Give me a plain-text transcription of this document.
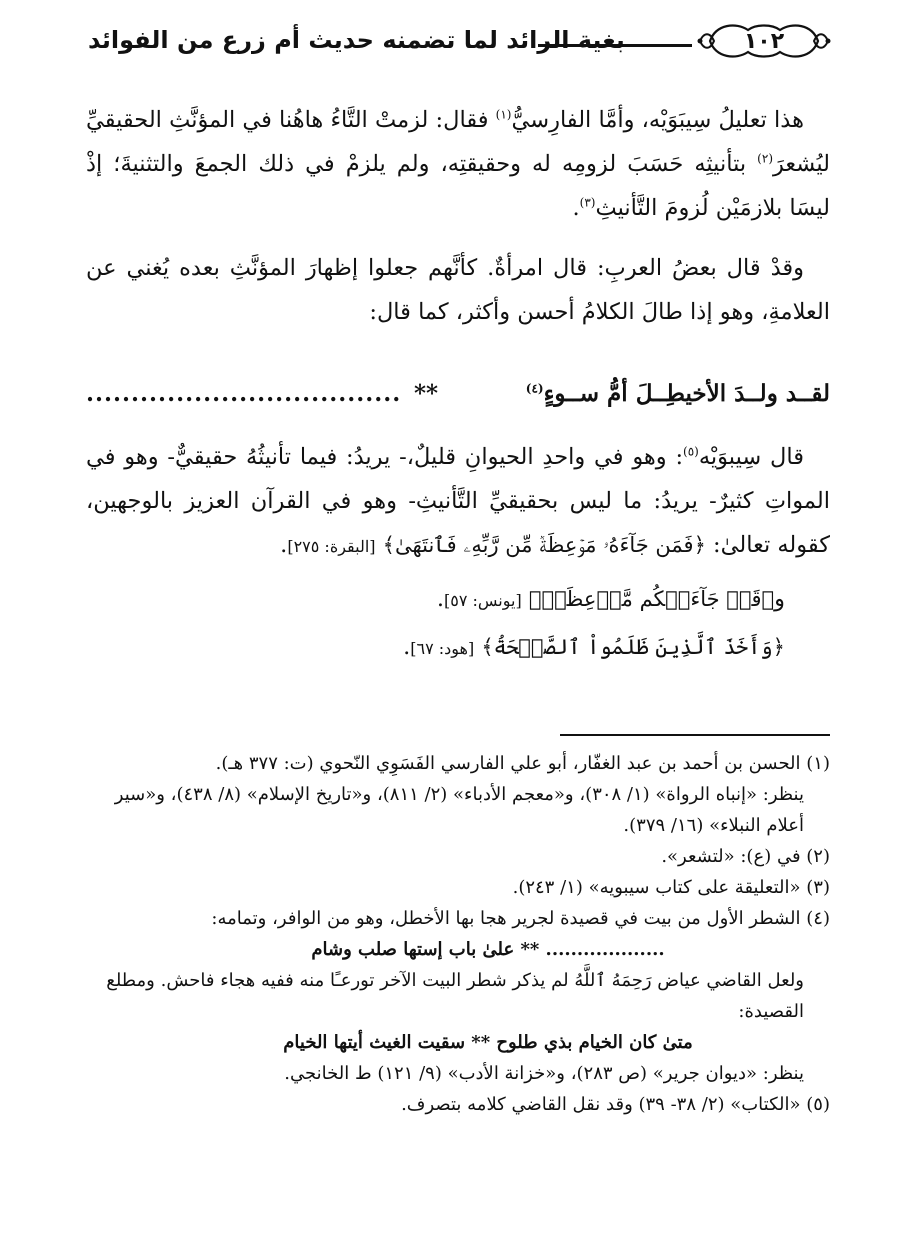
١٠٢
بغية الرائد لما تضمنه حديث أم زرع من الفوائد

هذا تعليلُ سِيبَوَيْه، وأمَّا الفارِسيُّ$^{(١)}$ فقال: لزمتْ التَّاءُ هاهُنا في المؤنَّثِ الحقيقيِّ ليُشعرَ$^{(٢)}$ بتأنيثِه حَسَبَ لزومِه له وحقيقتِه، ولم يلزمْ في ذلك الجمعَ والتثنيةَ؛ إذْ ليسَا بلازمَيْن لُزومَ التَّأنيثِ$^{(٣)}$.

وقدْ قال بعضُ العربِ: قال امرأةٌ. كأنَّهم جعلوا إظهارَ المؤنَّثِ بعده يُغني عن العلامةِ، وهو إذا طالَ الكلامُ أحسن وأكثر، كما قال:

لقــد ولــدَ الأخيطِــلَ أمُّ ســوءٍ$^{(٤)}$
**
...................................

قال سِيبوَيْه$^{(٥)}$: وهو في واحدِ الحيوانِ قليلٌ،- يريدُ: فيما تأنيثُهُ حقيقيٌّ- وهو في المواتِ كثيرٌ- يريدُ: ما ليس بحقيقيِّ التَّأنيثِ- وهو في القرآن العزيز بالوجهين، كقوله تعالىٰ: ﴿فَمَن جَآءَهُۥ مَوۡعِظَةٞ مِّن رَّبِّهِۦ فَٱنتَهَىٰ﴾ [البقرة: ٢٧٥].

و﴿قَدۡ جَآءَتۡكُم مَّوۡعِظَةٞ﴾ [يونس: ٥٧].

﴿وَأَخَذَ ٱلَّذِينَ ظَلَمُواْ ٱلصَّيۡحَةُ﴾ [هود: ٦٧].

(١) الحسن بن أحمد بن عبد الغفّار، أبو علي الفارسي الفَسَوِي النّحوي (ت: ٣٧٧ هـ).
ينظر: «إنباه الرواة» (١/ ٣٠٨)، و«معجم الأدباء» (٢/ ٨١١)، و«تاريخ الإسلام» (٨/ ٤٣٨)، و«سير أعلام النبلاء» (١٦/ ٣٧٩).

(٢) في (ع): «لتشعر».

(٣) «التعليقة على كتاب سيبويه» (١/ ٢٤٣).

(٤) الشطر الأول من بيت في قصيدة لجرير هجا بها الأخطل، وهو من الوافر، وتمامه:
................... ** علىٰ باب إستها صلب وشام
ولعل القاضي عياض رَحِمَهُ ٱللَّهُ لم يذكر شطر البيت الآخر تورعـًا منه ففيه هجاء فاحش. ومطلع القصيدة:
متىٰ كان الخيام بذي طلوح ** سقيت الغيث أيتها الخيام
ينظر: «ديوان جرير» (ص ٢٨٣)، و«خزانة الأدب» (٩/ ١٢١) ط الخانجي.

(٥) «الكتاب» (٢/ ٣٨- ٣٩) وقد نقل القاضي كلامه بتصرف.
